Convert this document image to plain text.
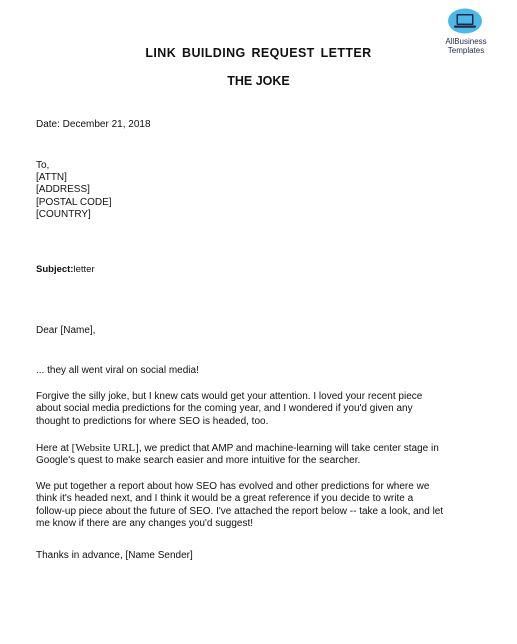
AllBusiness
Templates
LINK BUILDING REQUEST LETTER
THE JOKE
Date: December 21, 2018
To,
[ATTN]
[ADDRESS]
[POSTAL CODE]
[COUNTRY]
Subject:letter
Dear [Name],
... they all went viral on social media!
Forgive the silly joke, but I knew cats would get your attention. I loved your recent piece
about social media predictions for the coming year, and I wondered if you'd given any
thought to predictions for where SEO is headed, too.
Here at [Website URL], we predict that AMP and machine-learning will take center stage in
Google's quest to make search easier and more intuitive for the searcher.
We put together a report about how SEO has evolved and other predictions for where we
think it's headed next, and I think it would be a great reference if you decide to write a
follow-up piece about the future of SEO. I've attached the report below -- take a look, and let
me know if there are any changes you'd suggest!
Thanks in advance, [Name Sender]
